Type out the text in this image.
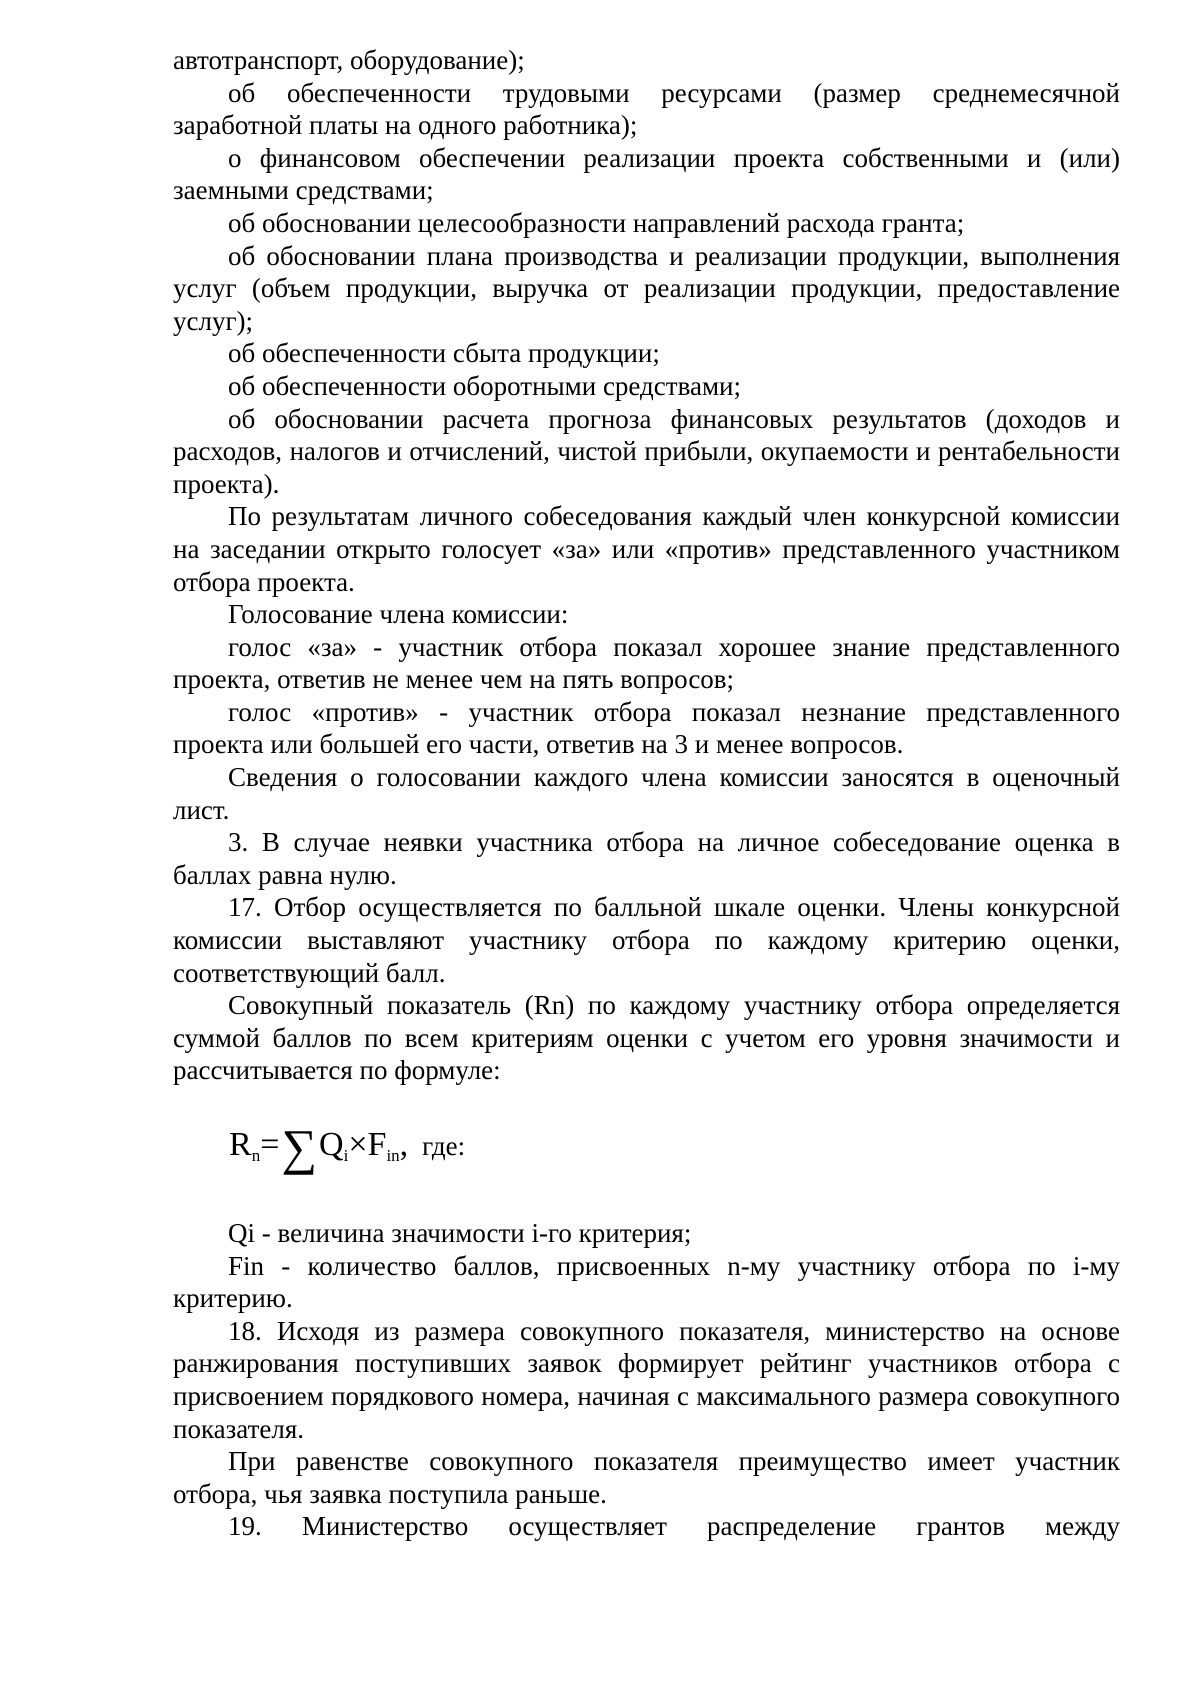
автотранспорт, оборудование);

об обеспеченности трудовыми ресурсами (размер среднемесячной заработной платы на одного работника);

о финансовом обеспечении реализации проекта собственными и (или) заемными средствами;

об обосновании целесообразности направлений расхода гранта;

об обосновании плана производства и реализации продукции, выполнения услуг (объем продукции, выручка от реализации продукции, предоставление услуг);

об обеспеченности сбыта продукции;

об обеспеченности оборотными средствами;

об обосновании расчета прогноза финансовых результатов (доходов и расходов, налогов и отчислений, чистой прибыли, окупаемости и рентабельности проекта).

По результатам личного собеседования каждый член конкурсной комиссии на заседании открыто голосует «за» или «против» представленного участником отбора проекта.

Голосование члена комиссии:

голос «за» - участник отбора показал хорошее знание представленного проекта, ответив не менее чем на пять вопросов;

голос «против» - участник отбора показал незнание представленного проекта или большей его части, ответив на 3 и менее вопросов.

Сведения о голосовании каждого члена комиссии заносятся в оценочный лист.

3. В случае неявки участника отбора на личное собеседование оценка в баллах равна нулю.

17. Отбор осуществляется по балльной шкале оценки. Члены конкурсной комиссии выставляют участнику отбора по каждому критерию оценки, соответствующий балл.

Совокупный показатель (Rn) по каждому участнику отбора определяется суммой баллов по всем критериям оценки с учетом его уровня значимости и рассчитывается по формуле:

$R_n=\sum Q_i\times F_{in}$, где:

Qi - величина значимости i-го критерия;

Fin - количество баллов, присвоенных n-му участнику отбора по i-му критерию.

18. Исходя из размера совокупного показателя, министерство на основе ранжирования поступивших заявок формирует рейтинг участников отбора с присвоением порядкового номера, начиная с максимального размера совокупного показателя.

При равенстве совокупного показателя преимущество имеет участник отбора, чья заявка поступила раньше.

19. Министерство осуществляет распределение грантов между
